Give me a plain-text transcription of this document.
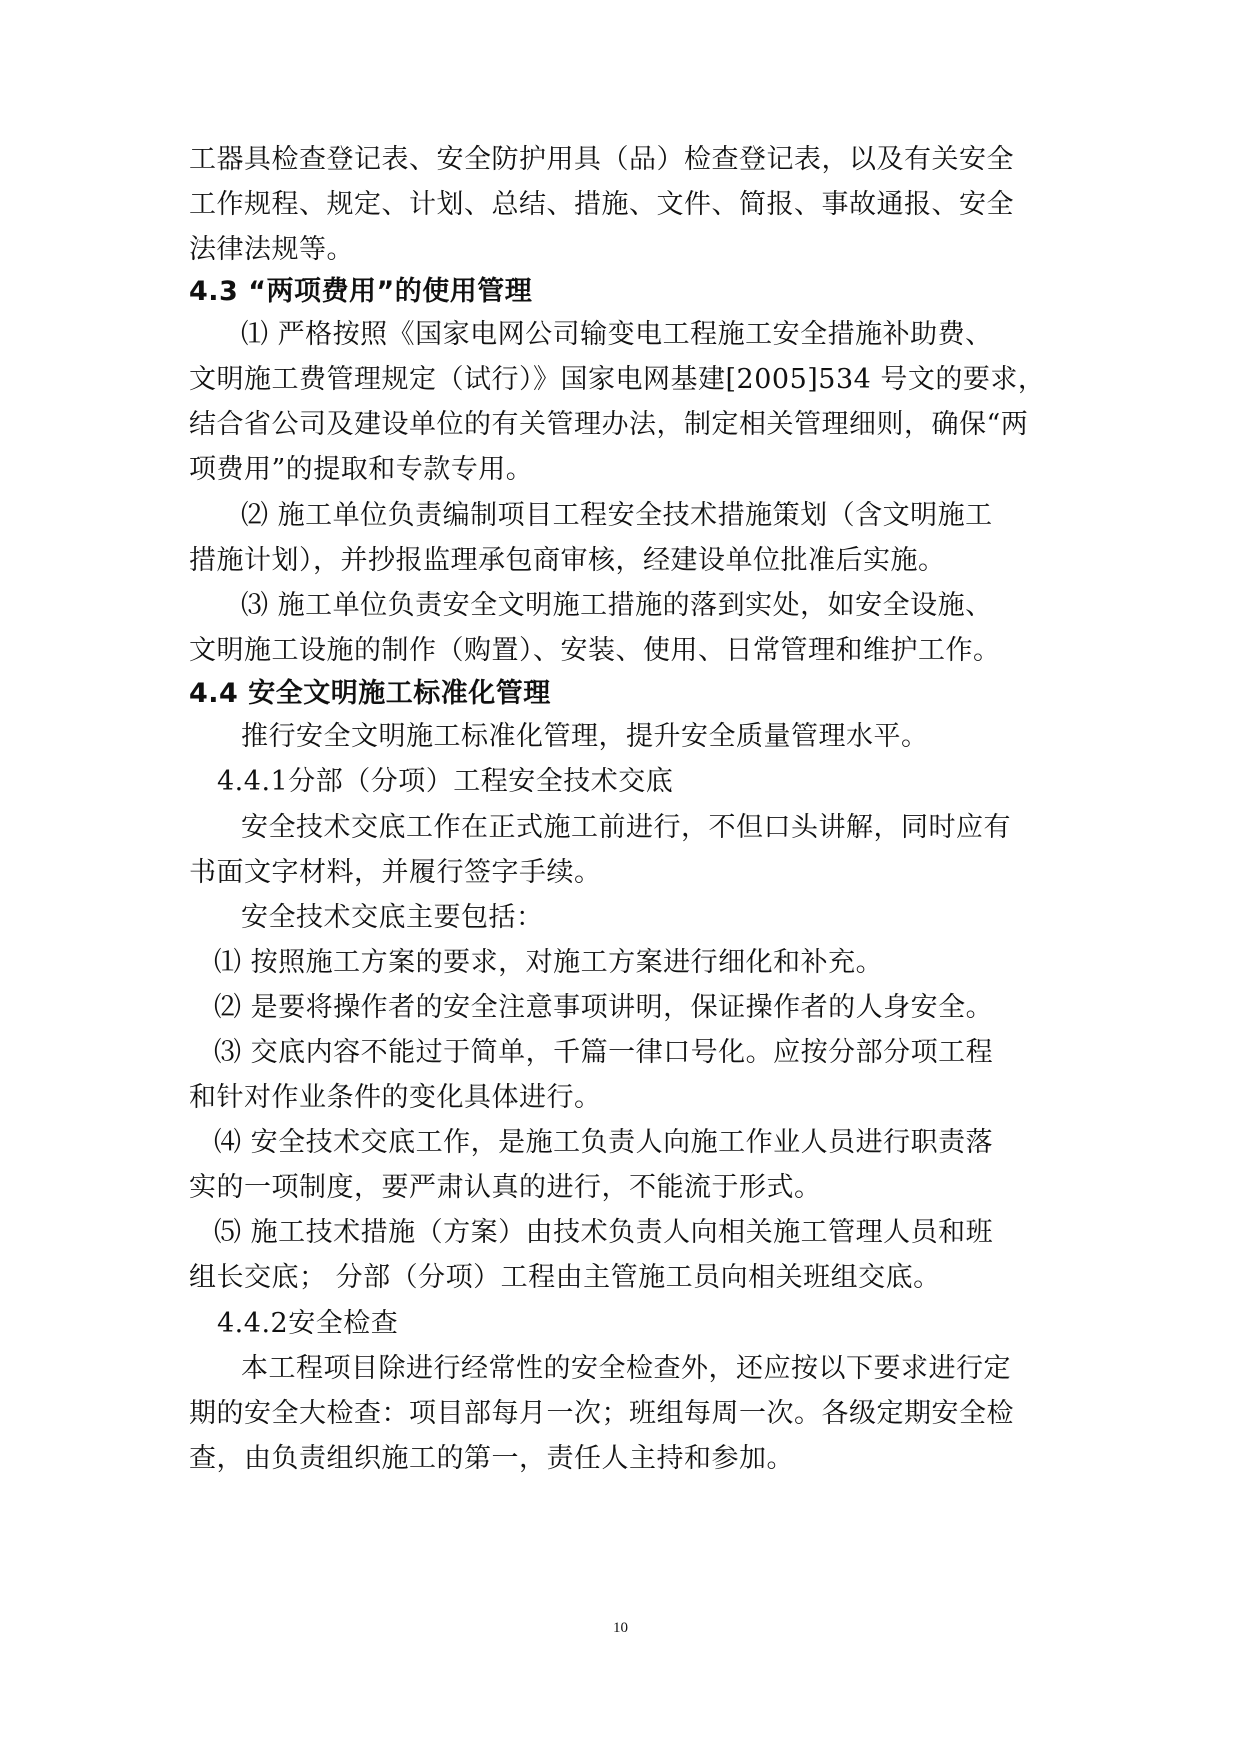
工器具检查登记表、安全防护用具（品）检查登记表，以及有关安全
工作规程、规定、计划、总结、措施、文件、简报、事故通报、安全
法律法规等。
4.3 “两项费用”的使用管理
⑴ 严格按照《国家电网公司输变电工程施工安全措施补助费、
文明施工费管理规定（试行）》国家电网基建[2005]534 号文的要求，
结合省公司及建设单位的有关管理办法，制定相关管理细则，确保“两
项费用”的提取和专款专用。
⑵ 施工单位负责编制项目工程安全技术措施策划（含文明施工
措施计划），并抄报监理承包商审核，经建设单位批准后实施。
⑶ 施工单位负责安全文明施工措施的落到实处，如安全设施、
文明施工设施的制作（购置）、安装、使用、日常管理和维护工作。
4.4 安全文明施工标准化管理
推行安全文明施工标准化管理，提升安全质量管理水平。
4.4.1分部（分项）工程安全技术交底
安全技术交底工作在正式施工前进行，不但口头讲解，同时应有
书面文字材料，并履行签字手续。
安全技术交底主要包括：
⑴ 按照施工方案的要求，对施工方案进行细化和补充。
⑵ 是要将操作者的安全注意事项讲明，保证操作者的人身安全。
⑶ 交底内容不能过于简单，千篇一律口号化。应按分部分项工程
和针对作业条件的变化具体进行。
⑷ 安全技术交底工作，是施工负责人向施工作业人员进行职责落
实的一项制度，要严肃认真的进行，不能流于形式。
⑸ 施工技术措施（方案）由技术负责人向相关施工管理人员和班
组长交底； 分部（分项）工程由主管施工员向相关班组交底。
4.4.2安全检查
本工程项目除进行经常性的安全检查外，还应按以下要求进行定
期的安全大检查：项目部每月一次；班组每周一次。各级定期安全检
查，由负责组织施工的第一，责任人主持和参加。
10
